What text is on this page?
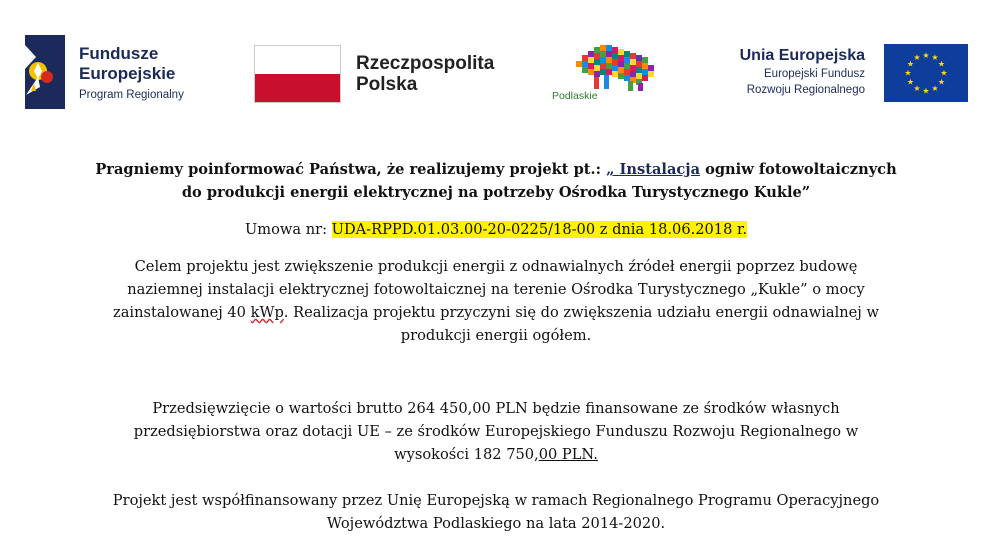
Fundusze
Europejskie
Program Regionalny
Rzeczpospolita
Polska
Podlaskie
Unia Europejska
Europejski Fundusz
Rozwoju Regionalnego
★ ★
★
★
★
★
★
★
★
★
★
★

Pragniemy poinformować Państwa, że realizujemy projekt pt.: „ Instalacja ogniw fotowoltaicznych
do produkcji energii elektrycznej na potrzeby Ośrodka Turystycznego Kukle”

Umowa nr: UDA-RPPD.01.03.00-20-0225/18-00 z dnia 18.06.2018 r.

Celem projektu jest zwiększenie produkcji energii z odnawialnych źródeł energii poprzez budowę
naziemnej instalacji elektrycznej fotowoltaicznej na terenie Ośrodka Turystycznego „Kukle” o mocy
zainstalowanej 40 kWp. Realizacja projektu przyczyni się do zwiększenia udziału energii odnawialnej w
produkcji energii ogółem.

Przedsięwzięcie o wartości brutto 264 450,00 PLN będzie finansowane ze środków własnych
przedsiębiorstwa oraz dotacji UE – ze środków Europejskiego Funduszu Rozwoju Regionalnego w
wysokości 182 750,00 PLN.

Projekt jest współfinansowany przez Unię Europejską w ramach Regionalnego Programu Operacyjnego
Województwa Podlaskiego na lata 2014-2020.
